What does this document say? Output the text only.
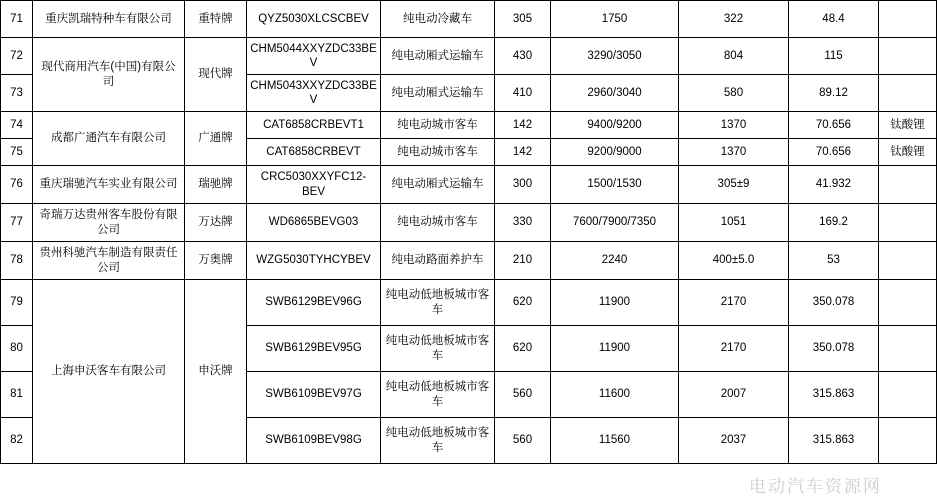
71	重庆凯瑞特种车有限公司	重特牌	QYZ5030XLCSCBEV	纯电动冷藏车	305	1750	322	48.4	
72	现代商用汽车(中国)有限公司	现代牌	CHM5044XXYZDC33BEV	纯电动厢式运输车	430	3290/3050	804	115	
73			CHM5043XXYZDC33BEV	纯电动厢式运输车	410	2960/3040	580	89.12	
74	成都广通汽车有限公司	广通牌	CAT6858CRBEVT1	纯电动城市客车	142	9400/9200	1370	70.656	钛酸锂
75			CAT6858CRBEVT	纯电动城市客车	142	9200/9000	1370	70.656	钛酸锂
76	重庆瑞驰汽车实业有限公司	瑞驰牌	CRC5030XXYFC12-BEV	纯电动厢式运输车	300	1500/1530	305±9	41.932	
77	奇瑞万达贵州客车股份有限公司	万达牌	WD6865BEVG03	纯电动城市客车	330	7600/7900/7350	1051	169.2	
78	贵州科驰汽车制造有限责任公司	万奥牌	WZG5030TYHCYBEV	纯电动路面养护车	210	2240	400±5.0	53	
79	上海申沃客车有限公司	申沃牌	SWB6129BEV96G	纯电动低地板城市客车	620	11900	2170	350.078	
80			SWB6129BEV95G	纯电动低地板城市客车	620	11900	2170	350.078	
81			SWB6109BEV97G	纯电动低地板城市客车	560	11600	2007	315.863	
82			SWB6109BEV98G	纯电动低地板城市客车	560	11560	2037	315.863	
电动汽车资源网
